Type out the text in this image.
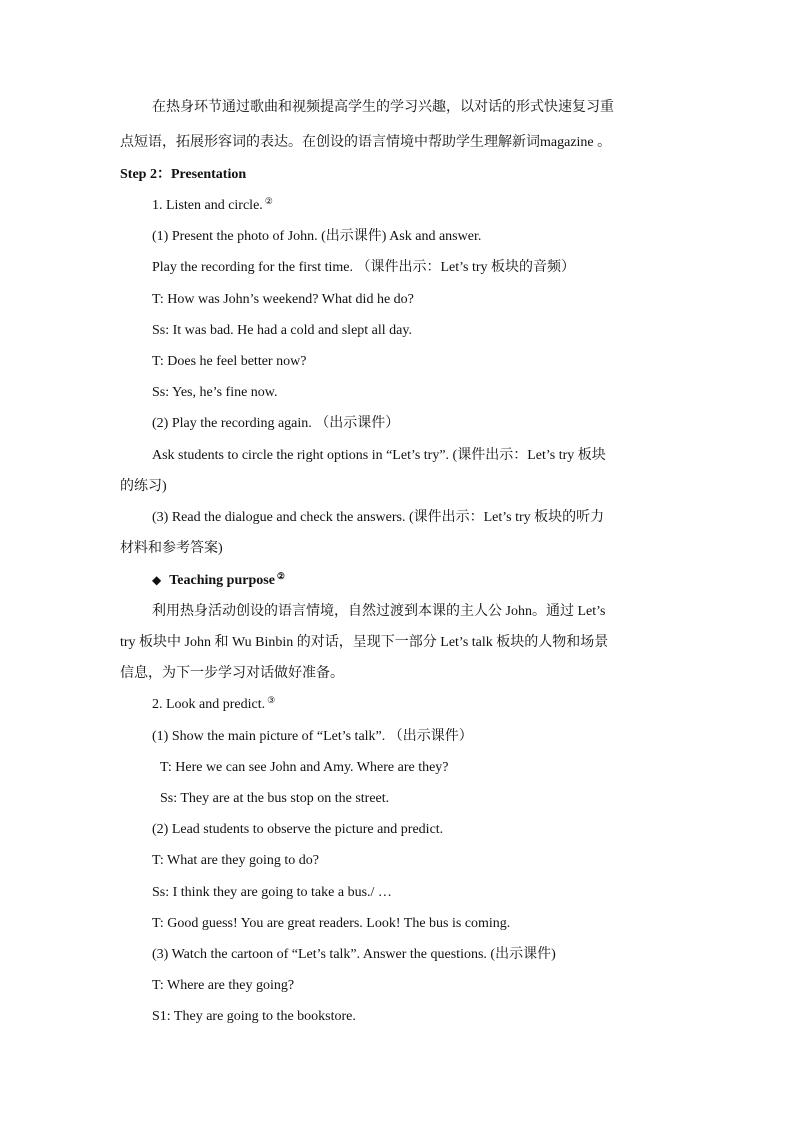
在热身环节通过歌曲和视频提高学生的学习兴趣，以对话的形式快速复习重
点短语，拓展形容词的表达。在创设的语言情境中帮助学生理解新词magazine 。
Step 2：Presentation
1. Listen and circle. ②
(1) Present the photo of John. (出示课件) Ask and answer.
Play the recording for the first time. （课件出示：Let’s try 板块的音频）
T: How was John’s weekend? What did he do?
Ss: It was bad. He had a cold and slept all day.
T: Does he feel better now?
Ss: Yes, he’s fine now.
(2) Play the recording again. （出示课件）
Ask students to circle the right options in “Let’s try”. (课件出示：Let’s try 板块
的练习)
(3) Read the dialogue and check the answers. (课件出示：Let’s try 板块的听力
材料和参考答案)
◆ Teaching purpose ②
利用热身活动创设的语言情境，自然过渡到本课的主人公 John。通过 Let’s
try 板块中 John 和 Wu Binbin 的对话，呈现下一部分 Let’s talk 板块的人物和场景
信息，为下一步学习对话做好准备。
2. Look and predict. ③
(1) Show the main picture of “Let’s talk”. （出示课件）
T: Here we can see John and Amy. Where are they?
Ss: They are at the bus stop on the street.
(2) Lead students to observe the picture and predict.
T: What are they going to do?
Ss: I think they are going to take a bus./ …
T: Good guess! You are great readers. Look! The bus is coming.
(3) Watch the cartoon of “Let’s talk”. Answer the questions. (出示课件)
T: Where are they going?
S1: They are going to the bookstore.
